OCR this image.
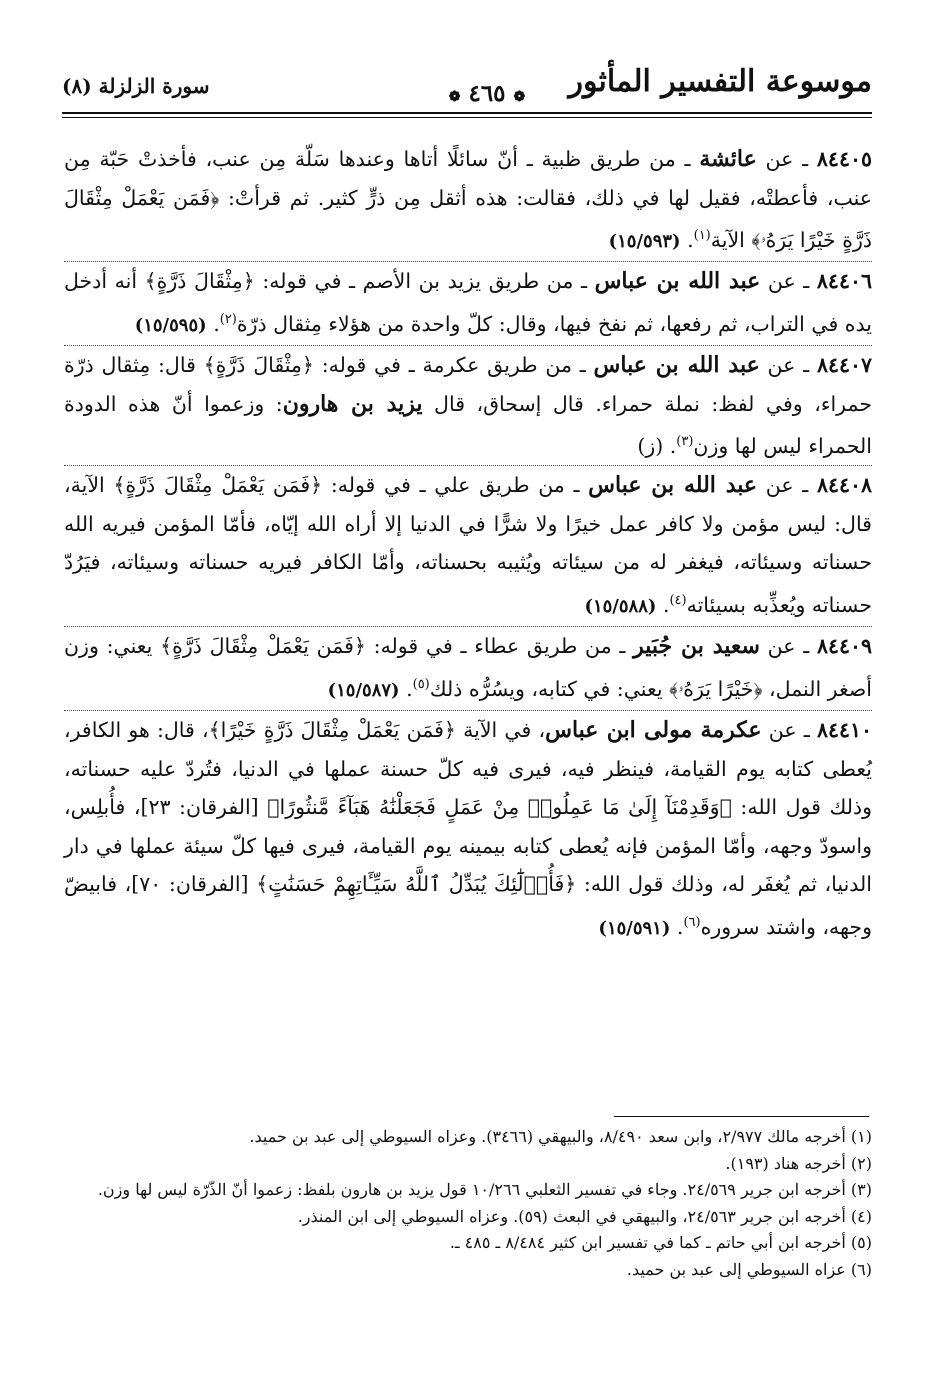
موسوعة التفسير المأثور
❁ ٤٦٥ ❁
سورة الزلزلة (٨)

٨٤٤٠٥ ـ عن عائشة ـ من طريق ظبية ـ أنّ سائلًا أتاها وعندها سَلّة مِن عنب، فأخذتْ حَبّة مِن عنب، فأعطتْه، فقيل لها في ذلك، فقالت: هذه أثقل مِن ذرٍّ كثير. ثم قرأتْ: ﴿فَمَن يَعْمَلْ مِثْقَالَ ذَرَّةٍ خَيْرًا يَرَهُۥ﴾ الآية$^{(١)}$. (١٥/٥٩٣)

٨٤٤٠٦ ـ عن عبد الله بن عباس ـ من طريق يزيد بن الأصم ـ في قوله: ﴿مِثْقَالَ ذَرَّةٍ﴾ أنه أدخل يده في التراب، ثم رفعها، ثم نفخ فيها، وقال: كلّ واحدة من هؤلاء مِثقال ذرّة$^{(٢)}$. (١٥/٥٩٥)

٨٤٤٠٧ ـ عن عبد الله بن عباس ـ من طريق عكرمة ـ في قوله: ﴿مِثْقَالَ ذَرَّةٍ﴾ قال: مِثقال ذرّة حمراء، وفي لفظ: نملة حمراء. قال إسحاق، قال يزيد بن هارون: وزعموا أنّ هذه الدودة الحمراء ليس لها وزن$^{(٣)}$. (ز)

٨٤٤٠٨ ـ عن عبد الله بن عباس ـ من طريق علي ـ في قوله: ﴿فَمَن يَعْمَلْ مِثْقَالَ ذَرَّةٍ﴾ الآية، قال: ليس مؤمن ولا كافر عمل خيرًا ولا شرًّا في الدنيا إلا أراه الله إيّاه، فأمّا المؤمن فيريه الله حسناته وسيئاته، فيغفر له من سيئاته ويُثيبه بحسناته، وأمّا الكافر فيريه حسناته وسيئاته، فيَرُدّ حسناته ويُعذِّبه بسيئاته$^{(٤)}$. (١٥/٥٨٨)

٨٤٤٠٩ ـ عن سعيد بن جُبَير ـ من طريق عطاء ـ في قوله: ﴿فَمَن يَعْمَلْ مِثْقَالَ ذَرَّةٍ﴾ يعني: وزن أصغر النمل، ﴿خَيْرًا يَرَهُۥ﴾ يعني: في كتابه، ويسُرُّه ذلك$^{(٥)}$. (١٥/٥٨٧)

٨٤٤١٠ ـ عن عكرمة مولى ابن عباس، في الآية ﴿فَمَن يَعْمَلْ مِثْقَالَ ذَرَّةٍ خَيْرًا﴾، قال: هو الكافر، يُعطى كتابه يوم القيامة، فينظر فيه، فيرى فيه كلّ حسنة عملها في الدنيا، فتُردّ عليه حسناته، وذلك قول الله: ﴿وَقَدِمْنَآ إِلَىٰ مَا عَمِلُوا۟ مِنْ عَمَلٍ فَجَعَلْنَٰهُ هَبَآءً مَّنثُورًا﴾ [الفرقان: ٢٣]، فأُبلِس، واسودّ وجهه، وأمّا المؤمن فإنه يُعطى كتابه بيمينه يوم القيامة، فيرى فيها كلّ سيئة عملها في دار الدنيا، ثم يُغفَر له، وذلك قول الله: ﴿فَأُو۟لَٰٓئِكَ يُبَدِّلُ ٱللَّهُ سَيِّـَٔاتِهِمْ حَسَنَٰتٍ﴾ [الفرقان: ٧٠]، فابيضّ وجهه، واشتد سروره$^{(٦)}$. (١٥/٥٩١)

(١) أخرجه مالك ٢/٩٧٧، وابن سعد ٨/٤٩٠، والبيهقي (٣٤٦٦). وعزاه السيوطي إلى عبد بن حميد.

(٢) أخرجه هناد (١٩٣).

(٣) أخرجه ابن جرير ٢٤/٥٦٩. وجاء في تفسير الثعلبي ١٠/٢٦٦ قول يزيد بن هارون بلفظ: زعموا أنّ الذّرّة ليس لها وزن.

(٤) أخرجه ابن جرير ٢٤/٥٦٣، والبيهقي في البعث (٥٩). وعزاه السيوطي إلى ابن المنذر.

(٥) أخرجه ابن أبي حاتم ـ كما في تفسير ابن كثير ٨/٤٨٤ ـ ٤٨٥ ـ.

(٦) عزاه السيوطي إلى عبد بن حميد.
